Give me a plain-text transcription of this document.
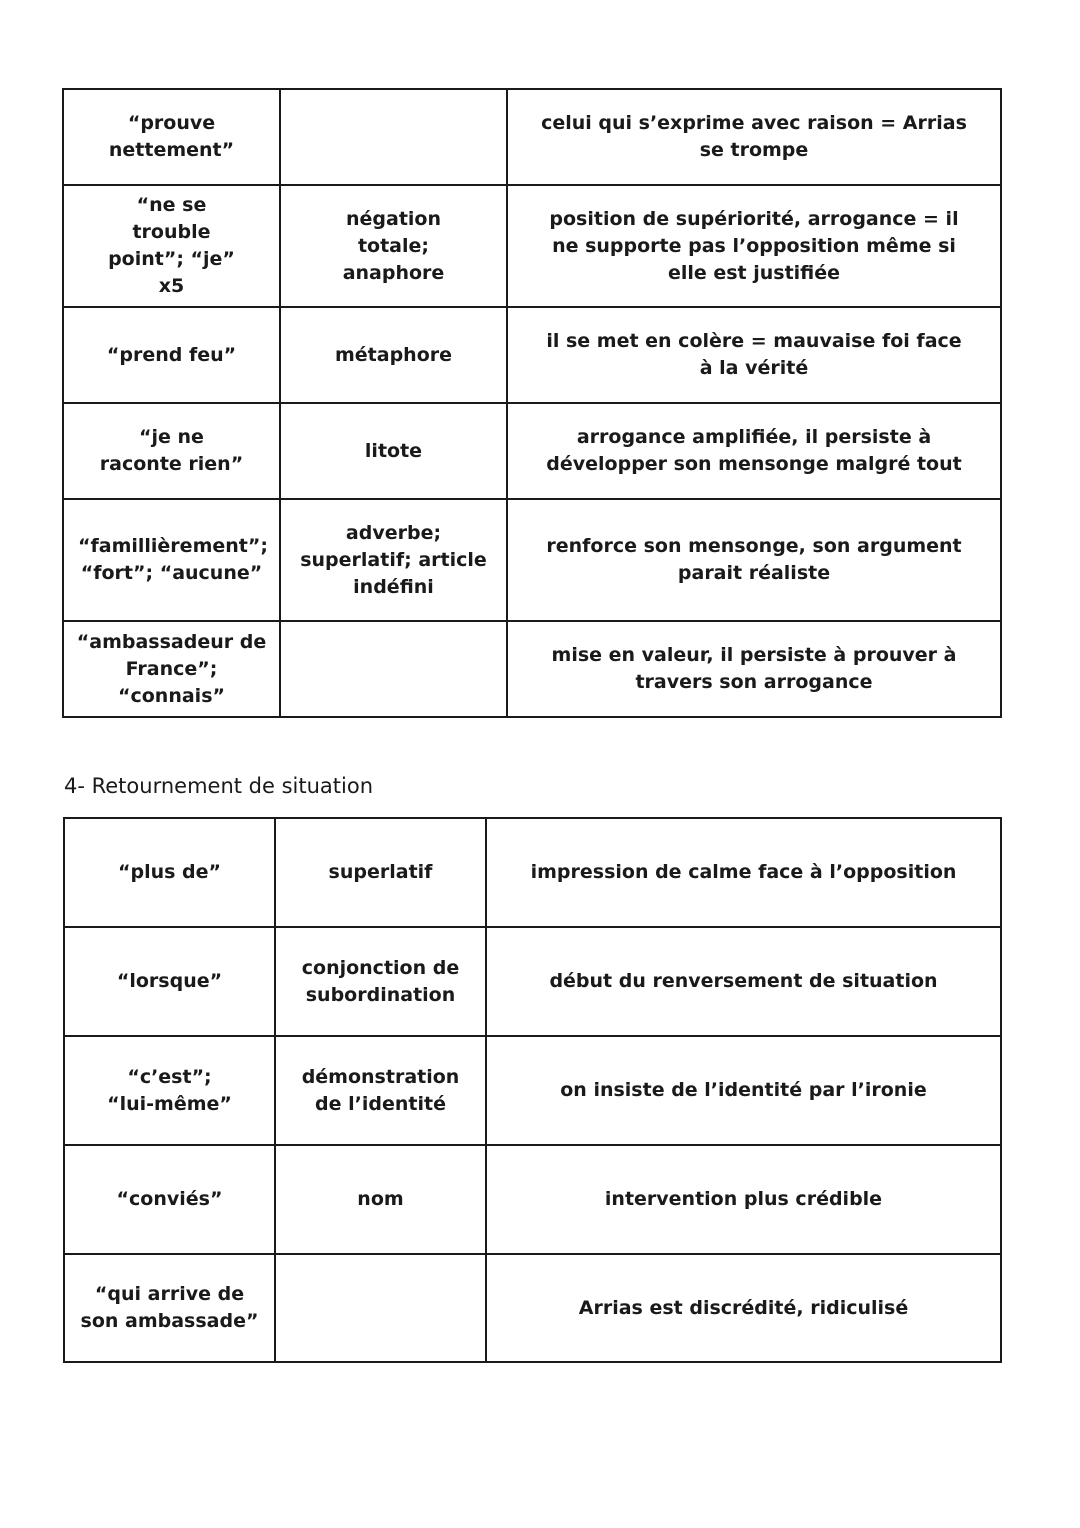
“prouve nettement”		celui qui s’exprime avec raison = Arrias se trompe
“ne se trouble point”; “je” x5	négation totale; anaphore	position de supériorité, arrogance = il ne supporte pas l’opposition même si elle est justifiée
“prend feu”	métaphore	il se met en colère = mauvaise foi face à la vérité
“je ne raconte rien”	litote	arrogance amplifiée, il persiste à développer son mensonge malgré tout
“famillièrement”; “fort”; “aucune”	adverbe; superlatif; article indéfini	renforce son mensonge, son argument parait réaliste
“ambassadeur de France”; “connais”		mise en valeur, il persiste à prouver à travers son arrogance
4- Retournement de situation
“plus de”	superlatif	impression de calme face à l’opposition
“lorsque”	conjonction de subordination	début du renversement de situation
“c’est”; “lui-même”	démonstration de l’identité	on insiste de l’identité par l’ironie
“conviés”	nom	intervention plus crédible
“qui arrive de son ambassade”		Arrias est discrédité, ridiculisé
